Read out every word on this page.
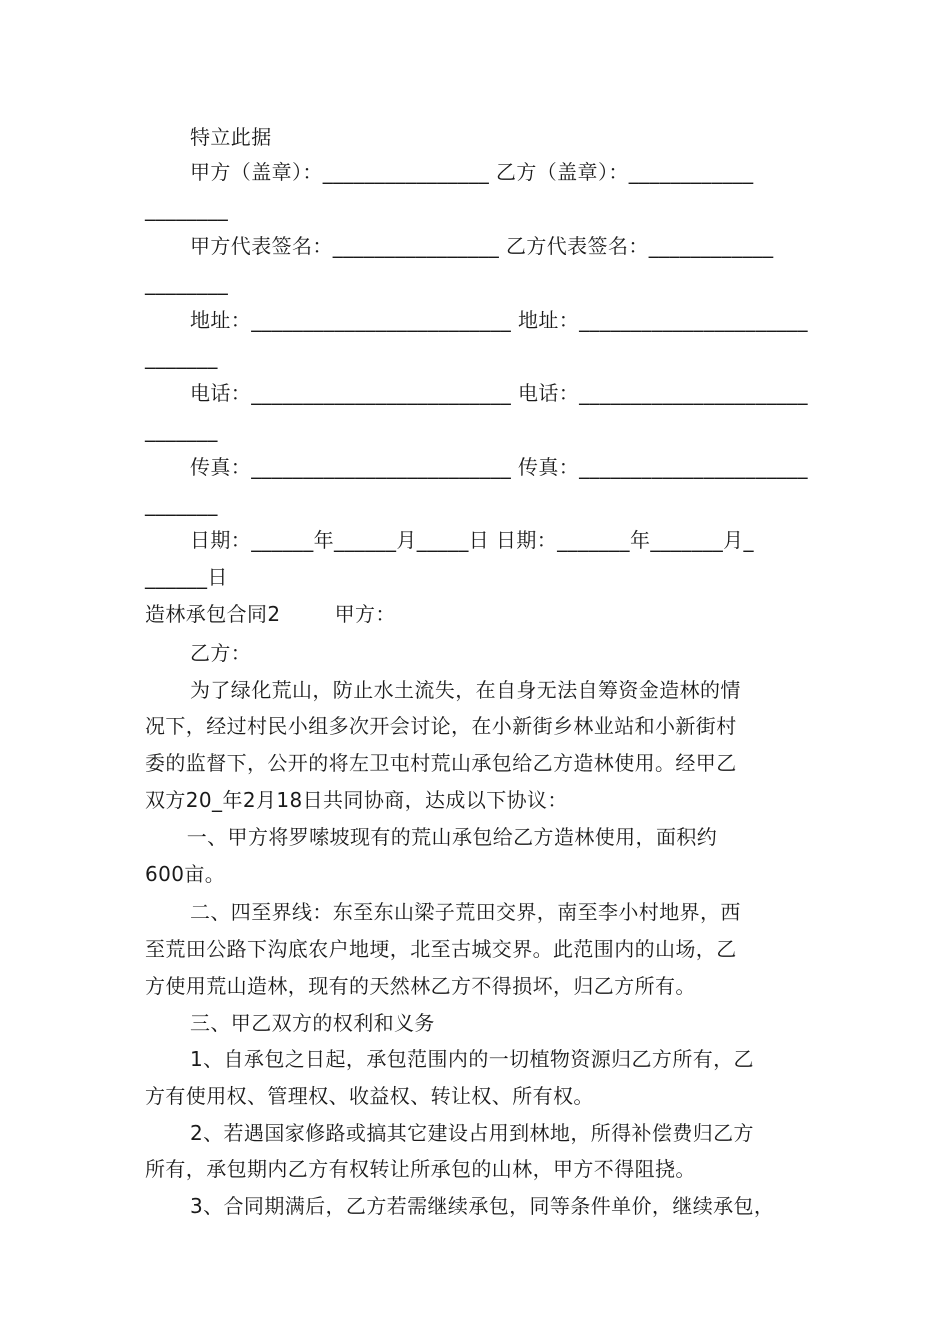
特立此据
甲方（盖章）：________________ 乙方（盖章）：____________
________
甲方代表签名：________________ 乙方代表签名：____________
________
地址：_________________________ 地址：______________________
_______
电话：_________________________ 电话：______________________
_______
传真：_________________________ 传真：______________________
_______
日期：______年______月_____日 日期：_______年_______月_
______日
造林承包合同2        甲方：
乙方：
为了绿化荒山，防止水土流失，在自身无法自筹资金造林的情
况下，经过村民小组多次开会讨论，在小新街乡林业站和小新街村
委的监督下，公开的将左卫屯村荒山承包给乙方造林使用。经甲乙
双方20_年2月18日共同协商，达成以下协议：
一、甲方将罗嗦坡现有的荒山承包给乙方造林使用，面积约
600亩。
二、四至界线：东至东山梁子荒田交界，南至李小村地界，西
至荒田公路下沟底农户地埂，北至古城交界。此范围内的山场，乙
方使用荒山造林，现有的天然林乙方不得损坏，归乙方所有。
三、甲乙双方的权利和义务
1、自承包之日起，承包范围内的一切植物资源归乙方所有，乙
方有使用权、管理权、收益权、转让权、所有权。
2、若遇国家修路或搞其它建设占用到林地，所得补偿费归乙方
所有，承包期内乙方有权转让所承包的山林，甲方不得阻挠。
3、合同期满后，乙方若需继续承包，同等条件单价，继续承包，
